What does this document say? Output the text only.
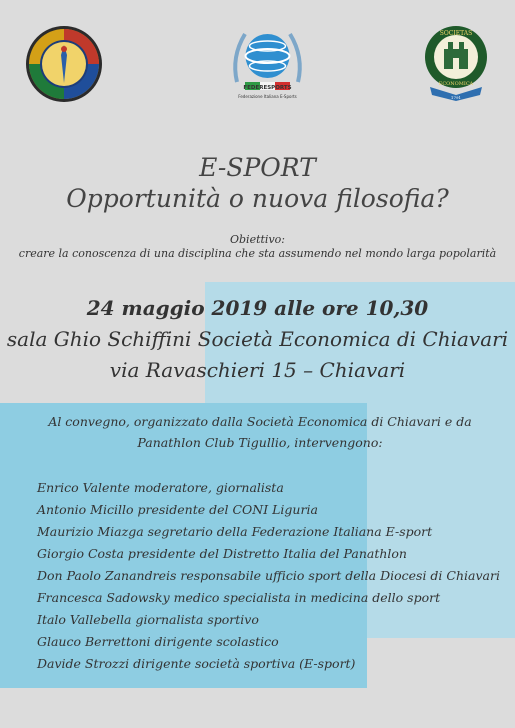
FEDERESPORTS
Federazione Italiana E-Sports
SOCIETAS
ECONOMICA
1791
E-SPORT
Opportunità o nuova filosofia?
Obiettivo:
creare la conoscenza di una disciplina che sta assumendo nel mondo larga popolarità
24 maggio 2019 alle ore 10,30
sala Ghio Schiffini Società Economica di Chiavari
via Ravaschieri 15 – Chiavari
Al convegno, organizzato dalla Società Economica di Chiavari e da
Panathlon Club Tigullio, intervengono:
Enrico Valente moderatore, giornalista
Antonio Micillo presidente del CONI Liguria
Maurizio Miazga segretario della Federazione Italiana E-sport
Giorgio Costa presidente del Distretto Italia del Panathlon
Don Paolo Zanandreis responsabile ufficio sport della Diocesi di Chiavari
Francesca Sadowsky medico specialista in medicina dello sport
Italo Vallebella giornalista sportivo
Glauco Berrettoni dirigente scolastico
Davide Strozzi dirigente società sportiva (E-sport)
